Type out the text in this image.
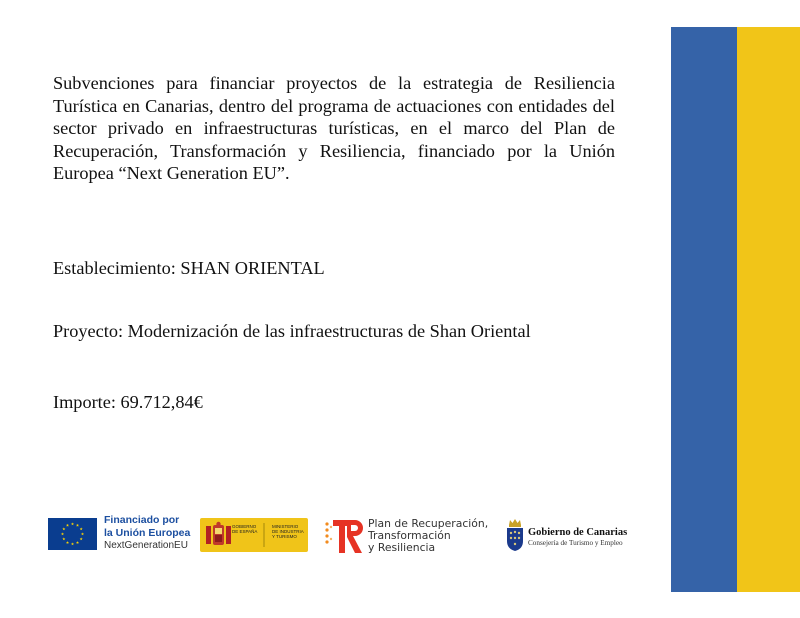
Subvenciones para financiar proyectos de la estrategia de Resiliencia Turística en Canarias, dentro del programa de actuaciones con entidades del sector privado en infraestructuras turísticas, en el marco del Plan de Recuperación, Transformación y Resiliencia, financiado por la Unión Europea “Next Generation EU”.

Establecimiento: SHAN ORIENTAL

Proyecto: Modernización de las infraestructuras de Shan Oriental

Importe: 69.712,84€

Financiado por
la Unión Europea
NextGenerationEU
GOBIERNO DE ESPAÑA
MINISTERIO DE INDUSTRIA Y TURISMO
Plan de Recuperación,
Transformación
y Resiliencia
Gobierno de Canarias
Consejería de Turismo y Empleo
